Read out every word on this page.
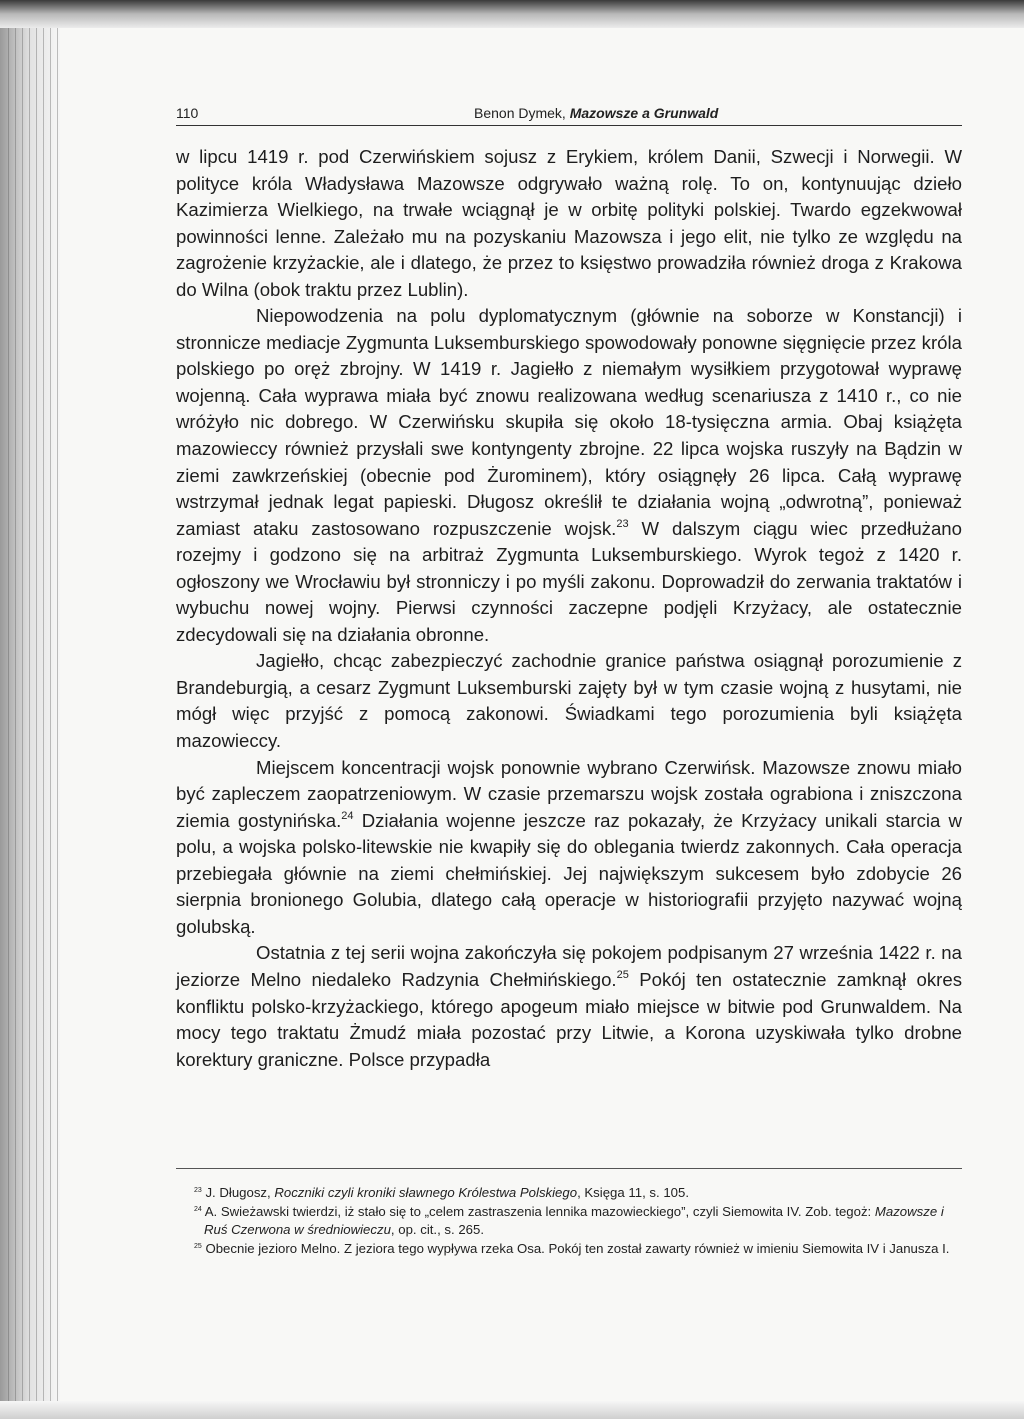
110	Benon Dymek, Mazowsze a Grunwald

w lipcu 1419 r. pod Czerwińskiem sojusz z Erykiem, królem Danii, Szwecji i Norwegii. W polityce króla Władysława Mazowsze odgrywało ważną rolę. To on, kontynuując dzieło Kazimierza Wielkiego, na trwałe wciągnął je w orbitę polityki polskiej. Twardo egzekwował powinności lenne. Zależało mu na pozyskaniu Mazowsza i jego elit, nie tylko ze względu na zagrożenie krzyżackie, ale i dlatego, że przez to księstwo prowadziła również droga z Krakowa do Wilna (obok traktu przez Lublin).

Niepowodzenia na polu dyplomatycznym (głównie na soborze w Konstancji) i stronnicze mediacje Zygmunta Luksemburskiego spowodowały ponowne sięgnięcie przez króla polskiego po oręż zbrojny. W 1419 r. Jagiełło z niemałym wysiłkiem przygotował wyprawę wojenną. Cała wyprawa miała być znowu realizowana według scenariusza z 1410 r., co nie wróżyło nic dobrego. W Czerwińsku skupiła się około 18-tysięczna armia. Obaj książęta mazowieccy również przysłali swe kontyngenty zbrojne. 22 lipca wojska ruszyły na Bądzin w ziemi zawkrzeńskiej (obecnie pod Żurominem), który osiągnęły 26 lipca. Całą wyprawę wstrzymał jednak legat papieski. Długosz określił te działania wojną „odwrotną”, ponieważ zamiast ataku zastosowano rozpuszczenie wojsk.$^{23}$ W dalszym ciągu wiec przedłużano rozejmy i godzono się na arbitraż Zygmunta Luksemburskiego. Wyrok tegoż z 1420 r. ogłoszony we Wrocławiu był stronniczy i po myśli zakonu. Doprowadził do zerwania traktatów i wybuchu nowej wojny. Pierwsi czynności zaczepne podjęli Krzyżacy, ale ostatecznie zdecydowali się na działania obronne.

Jagiełło, chcąc zabezpieczyć zachodnie granice państwa osiągnął porozumienie z Brandeburgią, a cesarz Zygmunt Luksemburski zajęty był w tym czasie wojną z husytami, nie mógł więc przyjść z pomocą zakonowi. Świadkami tego porozumienia byli książęta mazowieccy.

Miejscem koncentracji wojsk ponownie wybrano Czerwińsk. Mazowsze znowu miało być zapleczem zaopatrzeniowym. W czasie przemarszu wojsk została ograbiona i zniszczona ziemia gostynińska.$^{24}$ Działania wojenne jeszcze raz pokazały, że Krzyżacy unikali starcia w polu, a wojska polsko-litewskie nie kwapiły się do oblegania twierdz zakonnych. Cała operacja przebiegała głównie na ziemi chełmińskiej. Jej największym sukcesem było zdobycie 26 sierpnia bronionego Golubia, dlatego całą operacje w historiografii przyjęto nazywać wojną golubską.

Ostatnia z tej serii wojna zakończyła się pokojem podpisanym 27 września 1422 r. na jeziorze Melno niedaleko Radzynia Chełmińskiego.$^{25}$ Pokój ten ostatecznie zamknął okres konfliktu polsko-krzyżackiego, którego apogeum miało miejsce w bitwie pod Grunwaldem. Na mocy tego traktatu Żmudź miała pozostać przy Litwie, a Korona uzyskiwała tylko drobne korektury graniczne. Polsce przypadła

$^{23}$ J. Długosz, Roczniki czyli kroniki sławnego Królestwa Polskiego, Księga 11, s. 105.

$^{24}$ A. Swieżawski twierdzi, iż stało się to „celem zastraszenia lennika mazowieckiego”, czyli Siemowita IV. Zob. tegoż: Mazowsze i Ruś Czerwona w średniowieczu, op. cit., s. 265.

$^{25}$ Obecnie jezioro Melno. Z jeziora tego wypływa rzeka Osa. Pokój ten został zawarty również w imieniu Siemowita IV i Janusza I.
